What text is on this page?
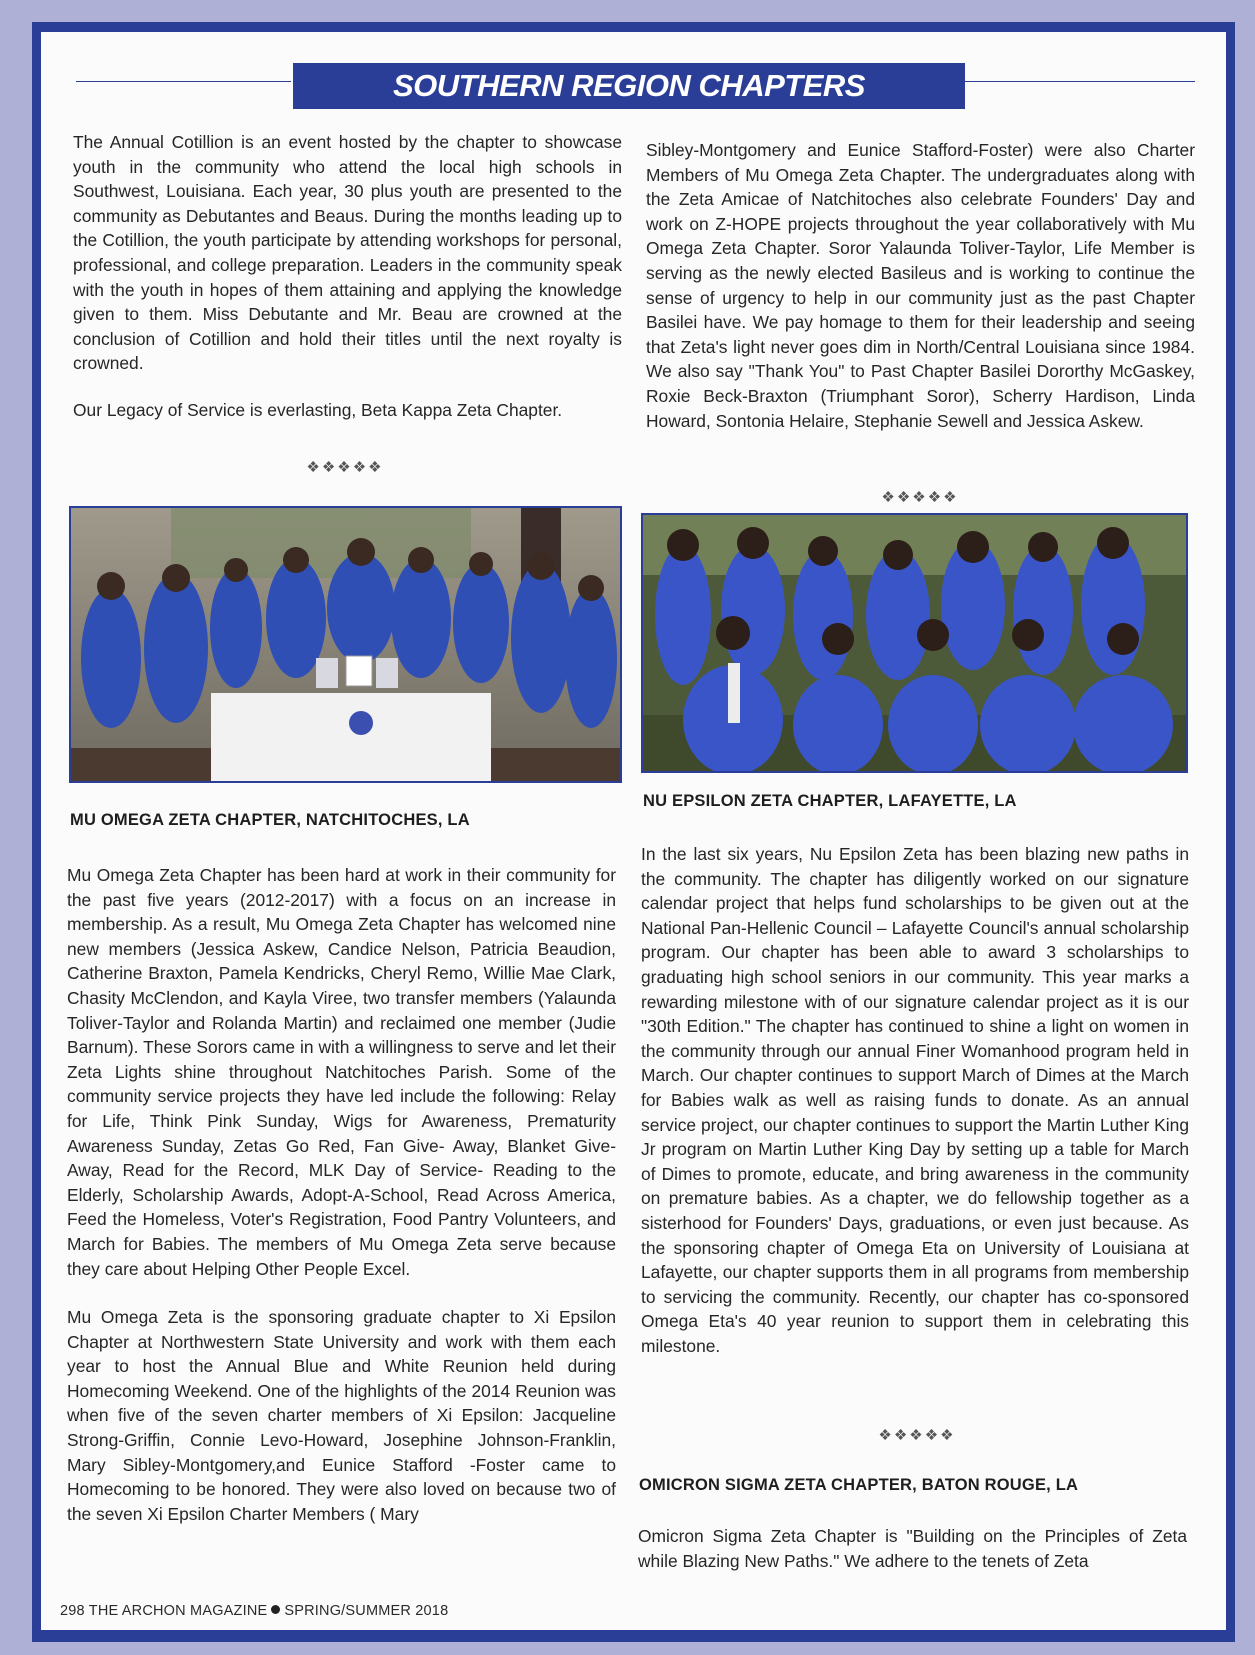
SOUTHERN REGION CHAPTERS

The Annual Cotillion is an event hosted by the chapter to showcase youth in the community who attend the local high schools in Southwest, Louisiana. Each year, 30 plus youth are presented to the community as Debutantes and Beaus. During the months leading up to the Cotillion, the youth participate by attending workshops for personal, professional, and college preparation. Leaders in the community speak with the youth in hopes of them attaining and applying the knowledge given to them. Miss Debutante and Mr. Beau are crowned at the conclusion of Cotillion and hold their titles until the next royalty is crowned.

Our Legacy of Service is everlasting, Beta Kappa Zeta Chapter.

❖❖❖❖❖
MU OMEGA ZETA CHAPTER, NATCHITOCHES, LA

Mu Omega Zeta Chapter has been hard at work in their community for the past five years (2012-2017) with a focus on an increase in membership. As a result, Mu Omega Zeta Chapter has welcomed nine new members (Jessica Askew, Candice Nelson, Patricia Beaudion, Catherine Braxton, Pamela Kendricks, Cheryl Remo, Willie Mae Clark, Chasity McClendon, and Kayla Viree, two transfer members (Yalaunda Toliver-Taylor and Rolanda Martin) and reclaimed one member (Judie Barnum). These Sorors came in with a willingness to serve and let their Zeta Lights shine throughout Natchitoches Parish. Some of the community service projects they have led include the following: Relay for Life, Think Pink Sunday, Wigs for Awareness, Prematurity Awareness Sunday, Zetas Go Red, Fan Give- Away, Blanket Give-Away, Read for the Record, MLK Day of Service- Reading to the Elderly, Scholarship Awards, Adopt-A-School, Read Across America, Feed the Homeless, Voter's Registration, Food Pantry Volunteers, and March for Babies. The members of Mu Omega Zeta serve because they care about Helping Other People Excel.

Mu Omega Zeta is the sponsoring graduate chapter to Xi Epsilon Chapter at Northwestern State University and work with them each year to host the Annual Blue and White Reunion held during Homecoming Weekend. One of the highlights of the 2014 Reunion was when five of the seven charter members of Xi Epsilon: Jacqueline Strong-Griffin, Connie Levo-Howard, Josephine Johnson-Franklin, Mary Sibley-Montgomery,and Eunice Stafford -Foster came to Homecoming to be honored. They were also loved on because two of the seven Xi Epsilon Charter Members ( Mary

Sibley-Montgomery and Eunice Stafford-Foster) were also Charter Members of Mu Omega Zeta Chapter. The undergraduates along with the Zeta Amicae of Natchitoches also celebrate Founders' Day and work on Z-HOPE projects throughout the year collaboratively with Mu Omega Zeta Chapter. Soror Yalaunda Toliver-Taylor, Life Member is serving as the newly elected Basileus and is working to continue the sense of urgency to help in our community just as the past Chapter Basilei have. We pay homage to them for their leadership and seeing that Zeta's light never goes dim in North/Central Louisiana since 1984. We also say "Thank You" to Past Chapter Basilei Dororthy McGaskey, Roxie Beck-Braxton (Triumphant Soror), Scherry Hardison, Linda Howard, Sontonia Helaire, Stephanie Sewell and Jessica Askew.

❖❖❖❖❖
NU EPSILON ZETA CHAPTER, LAFAYETTE, LA

In the last six years, Nu Epsilon Zeta has been blazing new paths in the community. The chapter has diligently worked on our signature calendar project that helps fund scholarships to be given out at the National Pan-Hellenic Council – Lafayette Council's annual scholarship program. Our chapter has been able to award 3 scholarships to graduating high school seniors in our community. This year marks a rewarding milestone with of our signature calendar project as it is our "30th Edition." The chapter has continued to shine a light on women in the community through our annual Finer Womanhood program held in March. Our chapter continues to support March of Dimes at the March for Babies walk as well as raising funds to donate. As an annual service project, our chapter continues to support the Martin Luther King Jr program on Martin Luther King Day by setting up a table for March of Dimes to promote, educate, and bring awareness in the community on premature babies. As a chapter, we do fellowship together as a sisterhood for Founders' Days, graduations, or even just because. As the sponsoring chapter of Omega Eta on University of Louisiana at Lafayette, our chapter supports them in all programs from membership to servicing the community. Recently, our chapter has co-sponsored Omega Eta's 40 year reunion to support them in celebrating this milestone.

❖❖❖❖❖
OMICRON SIGMA ZETA CHAPTER, BATON ROUGE, LA

Omicron Sigma Zeta Chapter is "Building on the Principles of Zeta while Blazing New Paths." We adhere to the tenets of Zeta

298 THE ARCHON MAGAZINE SPRING/SUMMER 2018
